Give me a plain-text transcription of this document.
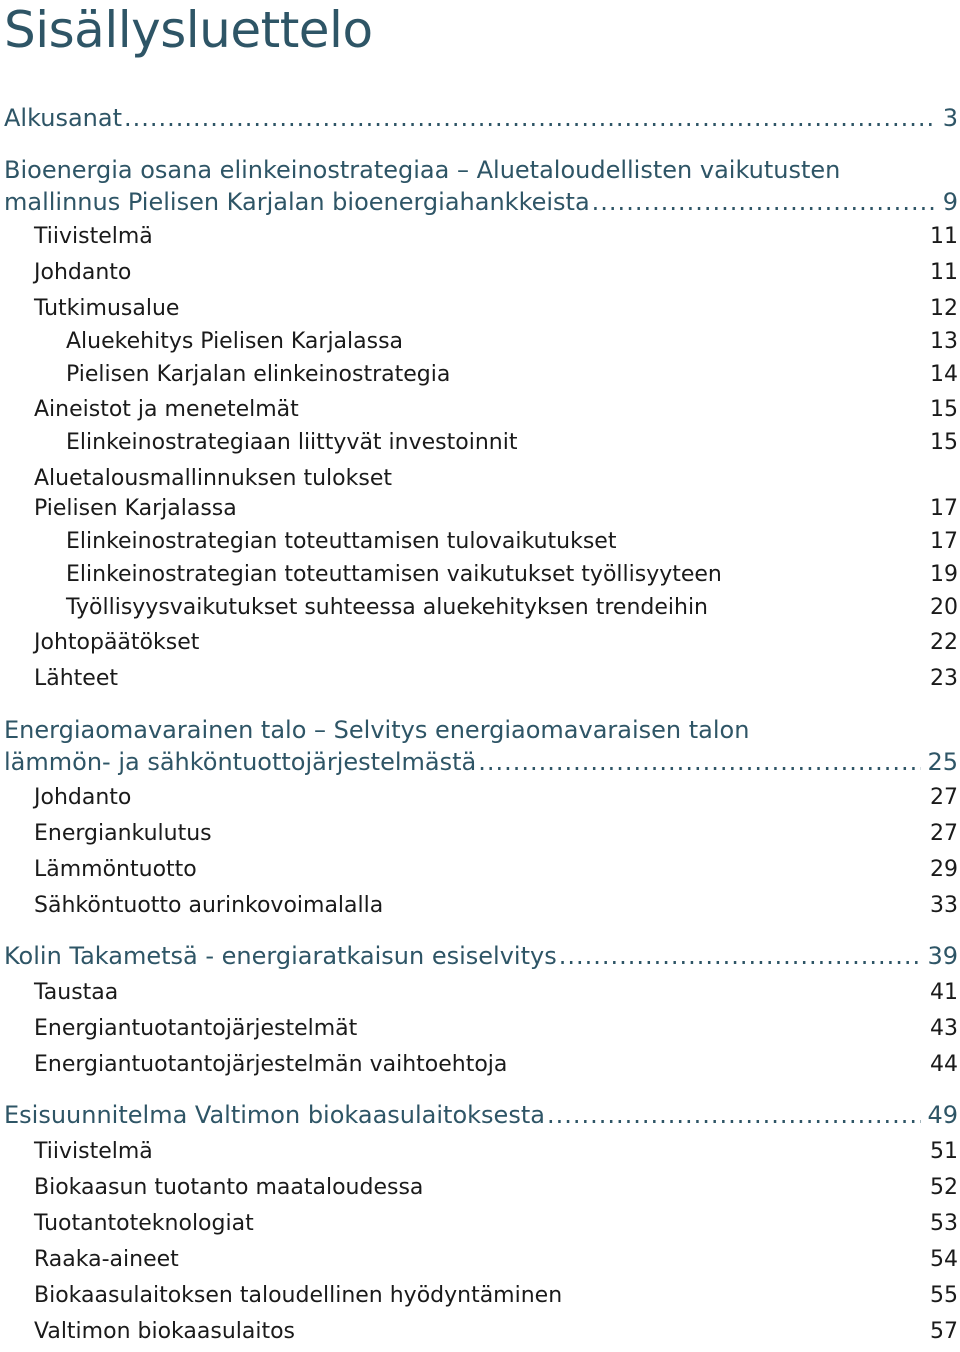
Sisällysluettelo
Alkusanat .....	3
Bioenergia osana elinkeinostrategiaa – Aluetaloudellisten vaikutusten
mallinnus Pielisen Karjalan bioenergiahankkeista .....	9
Tiivistelmä	11
Johdanto	11
Tutkimusalue	12
Aluekehitys Pielisen Karjalassa	13
Pielisen Karjalan elinkeinostrategia	14
Aineistot ja menetelmät	15
Elinkeinostrategiaan liittyvät investoinnit	15
Aluetalousmallinnuksen tulokset
Pielisen Karjalassa	17
Elinkeinostrategian toteuttamisen tulovaikutukset	17
Elinkeinostrategian toteuttamisen vaikutukset työllisyyteen	19
Työllisyysvaikutukset suhteessa aluekehityksen trendeihin	20
Johtopäätökset	22
Lähteet	23
Energiaomavarainen talo – Selvitys energiaomavaraisen talon
lämmön- ja sähköntuottojärjestelmästä .....	25
Johdanto	27
Energiankulutus	27
Lämmöntuotto	29
Sähköntuotto aurinkovoimalalla	33
Kolin Takametsä - energiaratkaisun esiselvitys .....	39
Taustaa	41
Energiantuotantojärjestelmät	43
Energiantuotantojärjestelmän vaihtoehtoja	44
Esisuunnitelma Valtimon biokaasulaitoksesta .....	49
Tiivistelmä	51
Biokaasun tuotanto maataloudessa	52
Tuotantoteknologiat	53
Raaka-aineet	54
Biokaasulaitoksen taloudellinen hyödyntäminen	55
Valtimon biokaasulaitos	57
